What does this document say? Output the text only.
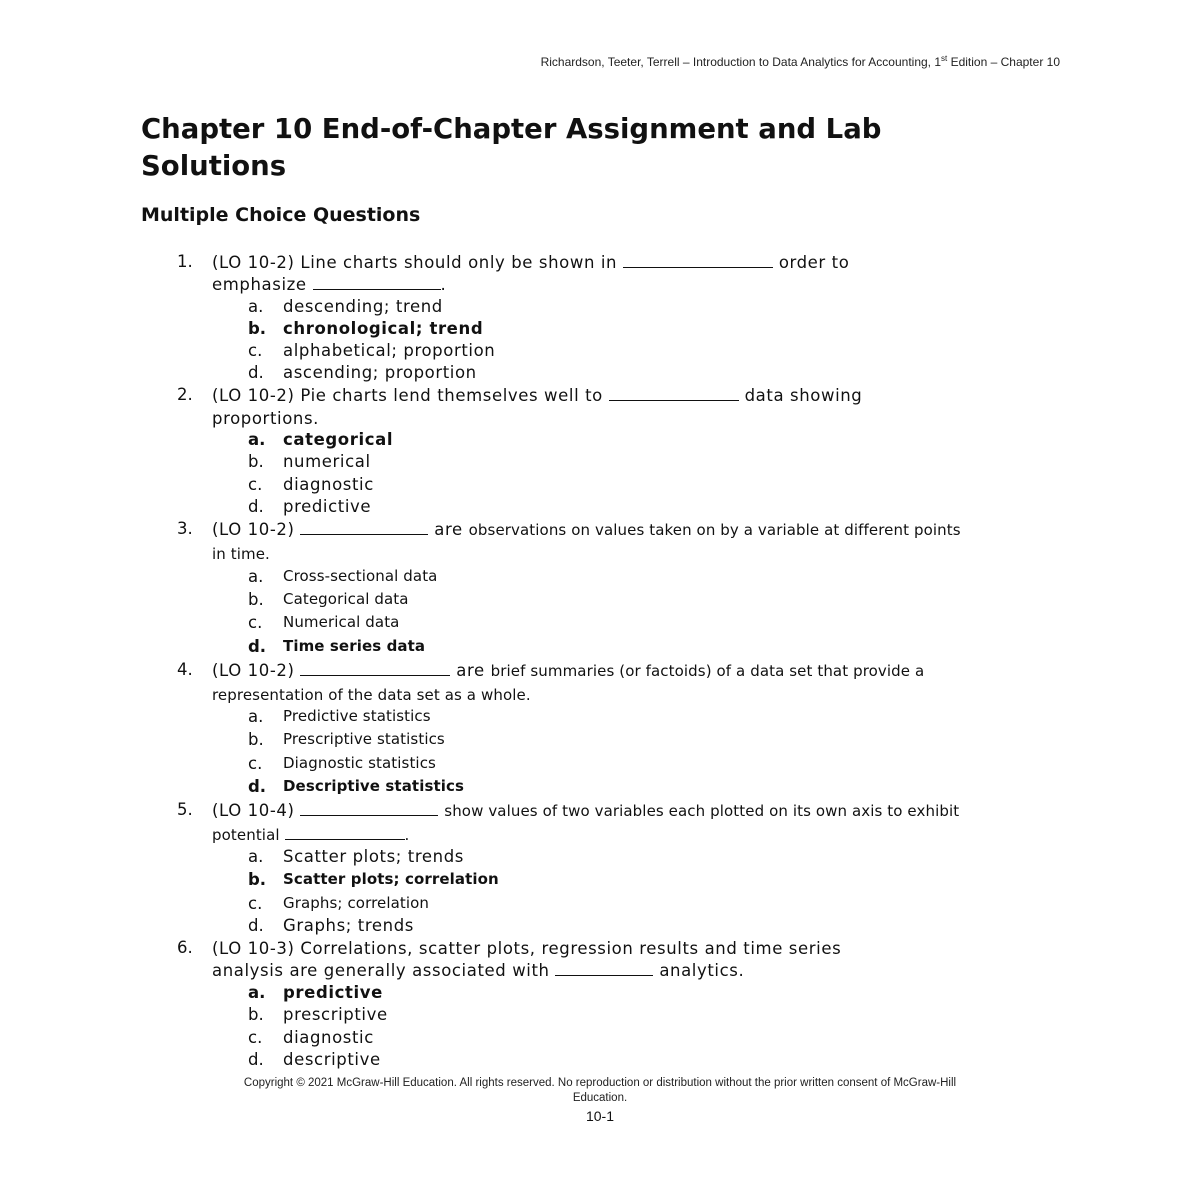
Richardson, Teeter, Terrell – Introduction to Data Analytics for Accounting, 1st Edition – Chapter 10
Chapter 10 End-of-Chapter Assignment and Lab Solutions
Multiple Choice Questions
1. (LO 10-2) Line charts should only be shown in	order to
emphasize	.
a. descending; trend
b. chronological; trend
c. alphabetical; proportion
d. ascending; proportion
2. (LO 10-2) Pie charts lend themselves well to	data showing
proportions.
a. categorical
b. numerical
c. diagnostic
d. predictive
3. (LO 10-2)	are observations on values taken on by a variable at different points
in time.
a. Cross-sectional data
b. Categorical data
c. Numerical data
d. Time series data
4. (LO 10-2)	are brief summaries (or factoids) of a data set that provide a
representation of the data set as a whole.
a. Predictive statistics
b. Prescriptive statistics
c. Diagnostic statistics
d. Descriptive statistics
5. (LO 10-4)	show values of two variables each plotted on its own axis to exhibit
potential	.
a. Scatter plots; trends
b. Scatter plots; correlation
c. Graphs; correlation
d. Graphs; trends
6. (LO 10-3) Correlations, scatter plots, regression results and time series
analysis are generally associated with	analytics.
a. predictive
b. prescriptive
c. diagnostic
d. descriptive
Copyright © 2021 McGraw-Hill Education. All rights reserved. No reproduction or distribution without the prior written consent of McGraw-Hill
Education.
10-1
